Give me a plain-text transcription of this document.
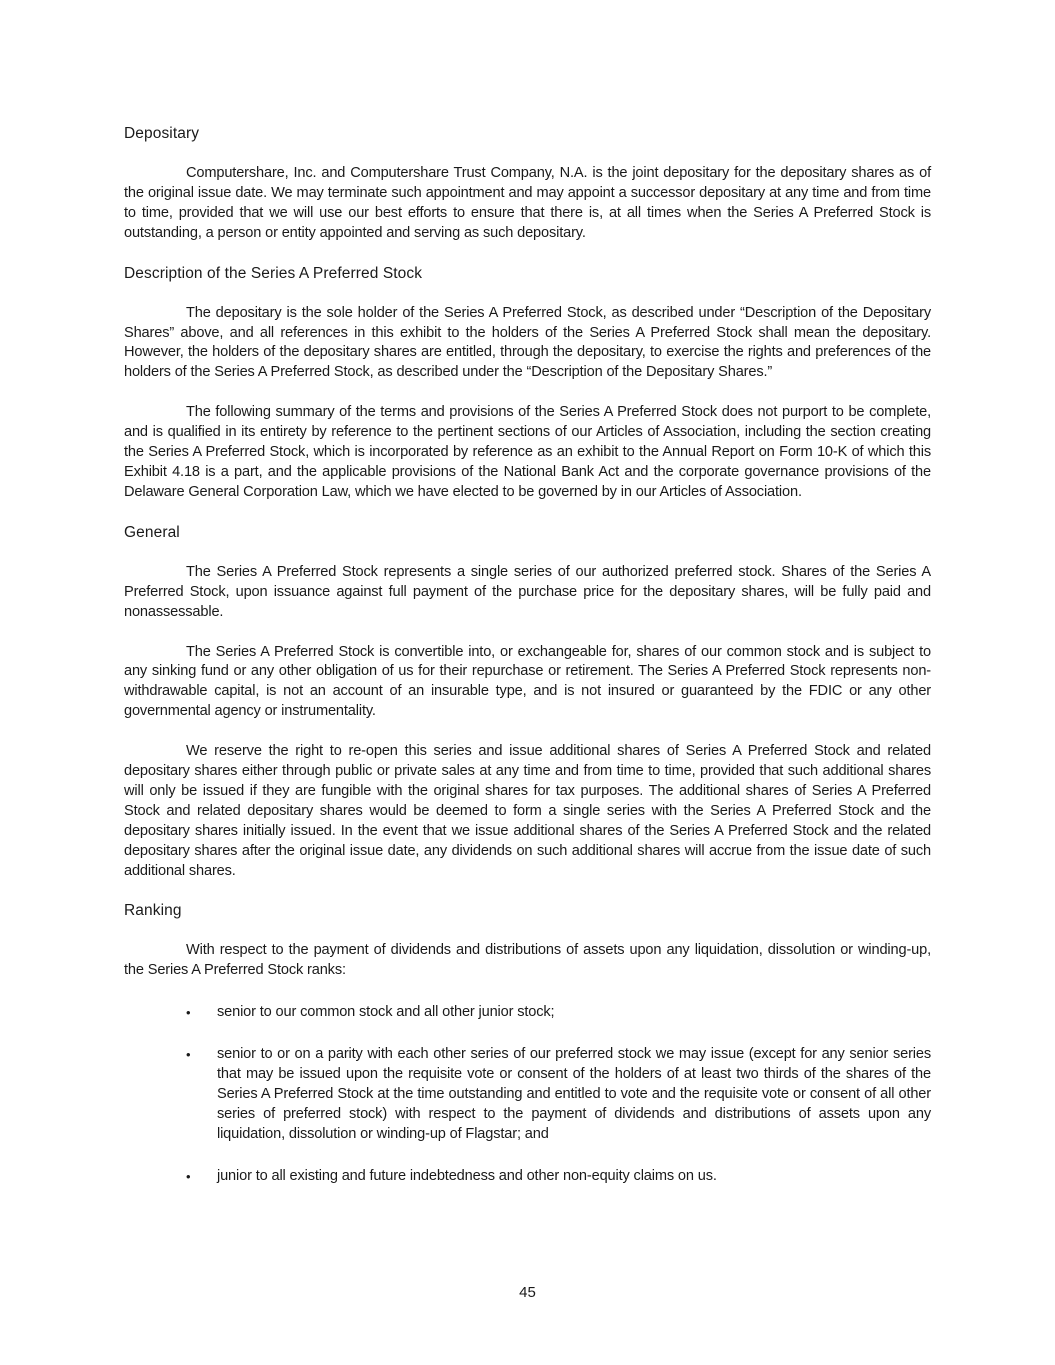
Depositary

Computershare, Inc. and Computershare Trust Company, N.A. is the joint depositary for the depositary shares as of the original issue date. We may terminate such appointment and may appoint a successor depositary at any time and from time to time, provided that we will use our best efforts to ensure that there is, at all times when the Series A Preferred Stock is outstanding, a person or entity appointed and serving as such depositary.

Description of the Series A Preferred Stock

The depositary is the sole holder of the Series A Preferred Stock, as described under “Description of the Depositary Shares” above, and all references in this exhibit to the holders of the Series A Preferred Stock shall mean the depositary. However, the holders of the depositary shares are entitled, through the depositary, to exercise the rights and preferences of the holders of the Series A Preferred Stock, as described under the “Description of the Depositary Shares.”

The following summary of the terms and provisions of the Series A Preferred Stock does not purport to be complete, and is qualified in its entirety by reference to the pertinent sections of our Articles of Association, including the section creating the Series A Preferred Stock, which is incorporated by reference as an exhibit to the Annual Report on Form 10-K of which this Exhibit 4.18 is a part, and the applicable provisions of the National Bank Act and the corporate governance provisions of the Delaware General Corporation Law, which we have elected to be governed by in our Articles of Association.

General

The Series A Preferred Stock represents a single series of our authorized preferred stock. Shares of the Series A Preferred Stock, upon issuance against full payment of the purchase price for the depositary shares, will be fully paid and nonassessable.

The Series A Preferred Stock is convertible into, or exchangeable for, shares of our common stock and is subject to any sinking fund or any other obligation of us for their repurchase or retirement. The Series A Preferred Stock represents non-withdrawable capital, is not an account of an insurable type, and is not insured or guaranteed by the FDIC or any other governmental agency or instrumentality.

We reserve the right to re-open this series and issue additional shares of Series A Preferred Stock and related depositary shares either through public or private sales at any time and from time to time, provided that such additional shares will only be issued if they are fungible with the original shares for tax purposes. The additional shares of Series A Preferred Stock and related depositary shares would be deemed to form a single series with the Series A Preferred Stock and the depositary shares initially issued. In the event that we issue additional shares of the Series A Preferred Stock and the related depositary shares after the original issue date, any dividends on such additional shares will accrue from the issue date of such additional shares.

Ranking

With respect to the payment of dividends and distributions of assets upon any liquidation, dissolution or winding-up, the Series A Preferred Stock ranks:

• senior to our common stock and all other junior stock;
• senior to or on a parity with each other series of our preferred stock we may issue (except for any senior series that may be issued upon the requisite vote or consent of the holders of at least two thirds of the shares of the Series A Preferred Stock at the time outstanding and entitled to vote and the requisite vote or consent of all other series of preferred stock) with respect to the payment of dividends and distributions of assets upon any liquidation, dissolution or winding-up of Flagstar; and
• junior to all existing and future indebtedness and other non-equity claims on us.
45
